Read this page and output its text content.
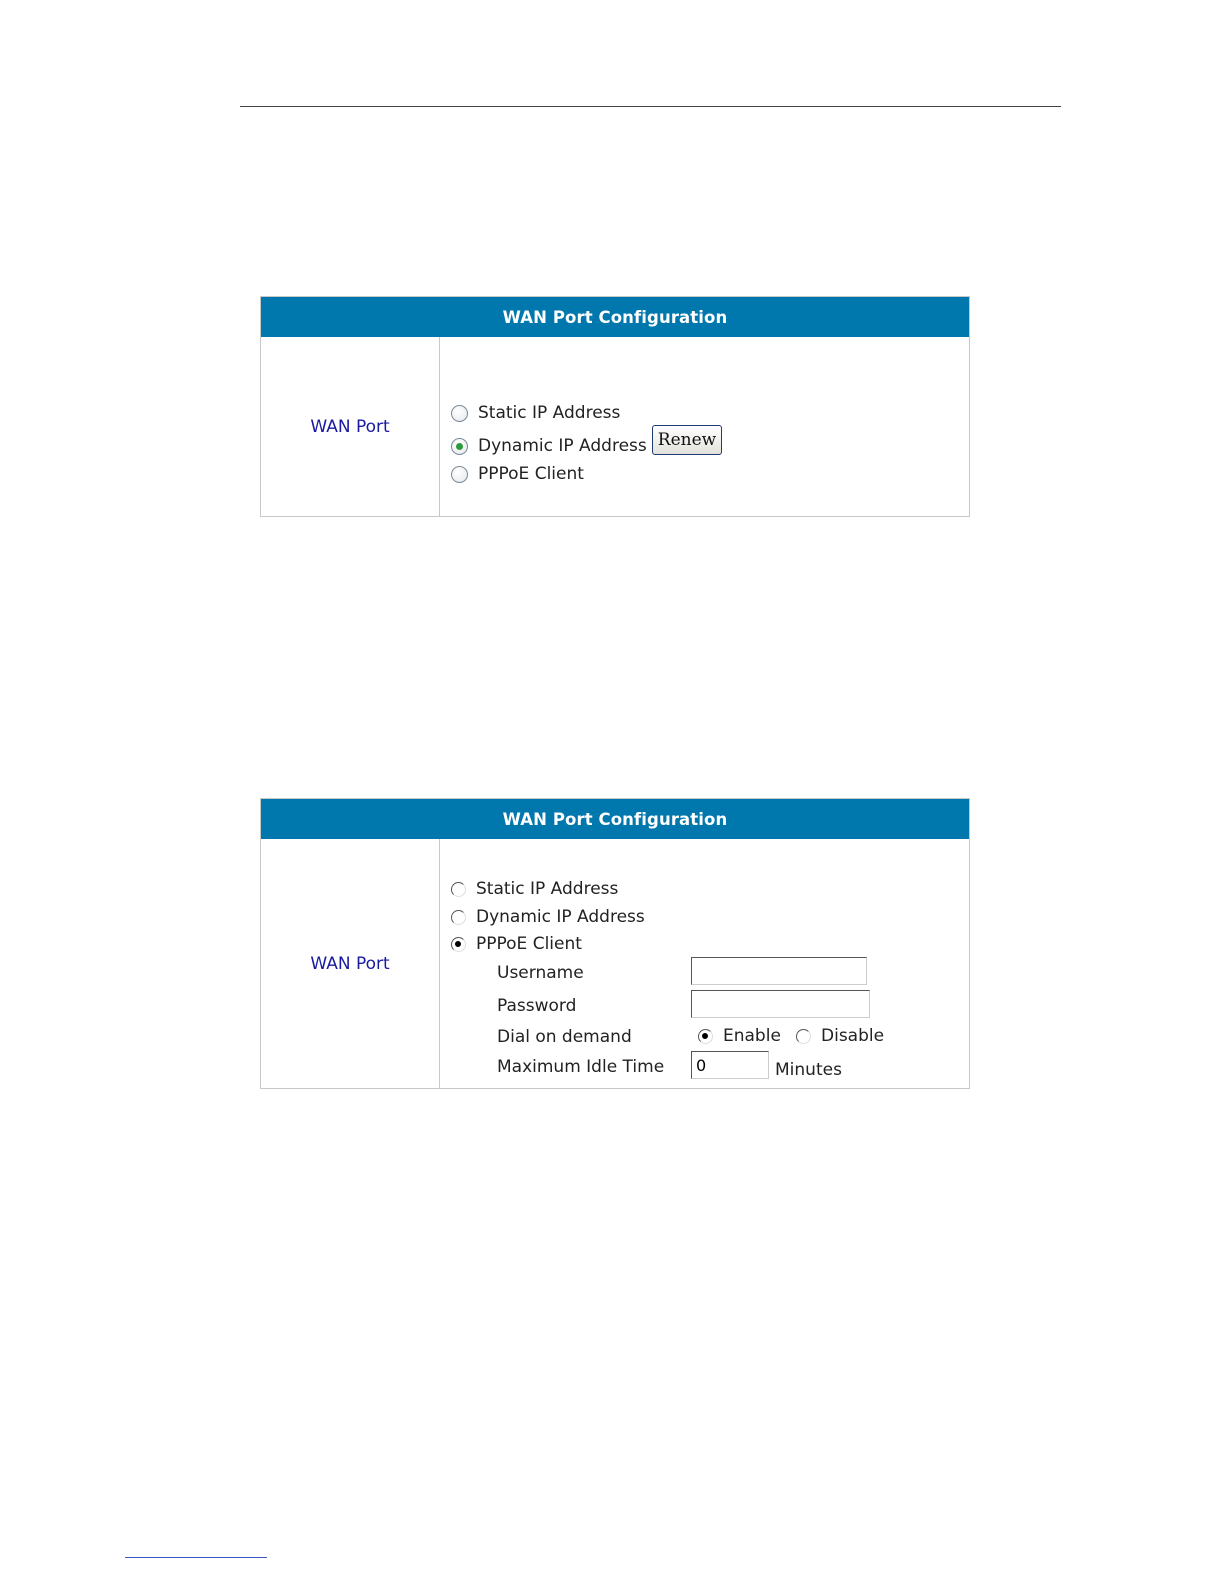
WAN Port Configuration
WAN Port
Static IP Address
Dynamic IP Address Renew
PPPoE Client
WAN Port Configuration
WAN Port
Static IP Address
Dynamic IP Address
PPPoE Client
Username
Password
Dial on demand	Enable Disable
Maximum Idle Time
0	Minutes
